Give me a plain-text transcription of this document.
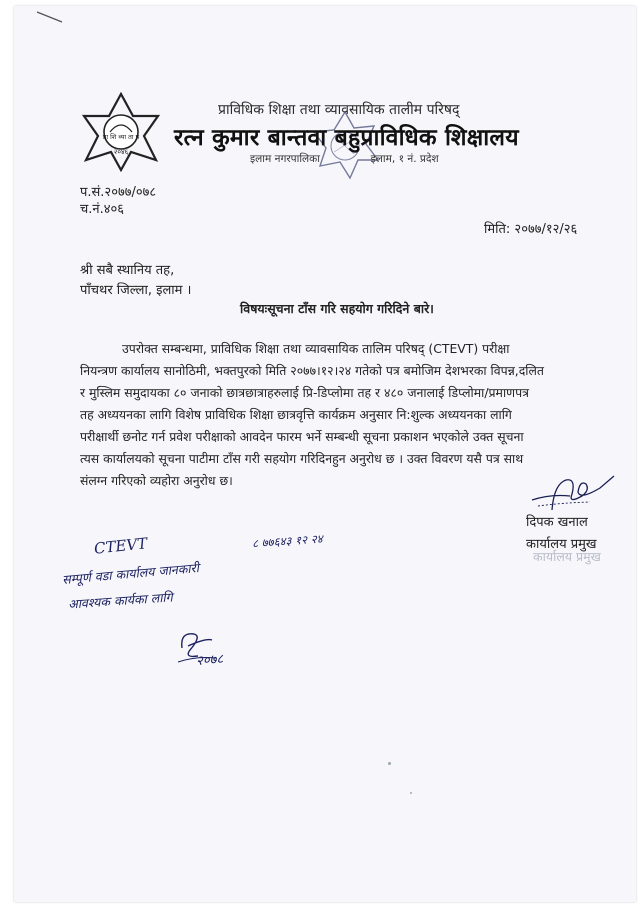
प्रा शि व्या ता प
२०४६
प्राविधिक शिक्षा तथा व्यावसायिक तालीम परिषद्
रत्न कुमार बान्तवा बहुप्राविधिक शिक्षालय
इलाम नगरपालिका	इलाम, १ नं. प्रदेश
प.सं.२०७७/०७८
च.नं.४०६
मिति: २०७७/१२/२६
श्री सबै स्थानिय तह,
पाँचथर जिल्ला, इलाम ।
विषयःसूचना टाँस गरि सहयोग गरिदिने बारे।
उपरोक्त सम्बन्धमा, प्राविधिक शिक्षा तथा व्यावसायिक तालिम परिषद् (CTEVT) परीक्षा
नियन्त्रण कार्यालय सानोठिमी, भक्तपुरको मिति २०७७।१२।२४ गतेको पत्र बमोजिम देशभरका विपन्न,दलित
र मुस्लिम समुदायका ८० जनाको छात्रछात्राहरुलाई प्रि-डिप्लोमा तह र ४८० जनालाई डिप्लोमा/प्रमाणपत्र
तह अध्ययनका लागि विशेष प्राविधिक शिक्षा छात्रवृत्ति कार्यक्रम अनुसार नि:शुल्क अध्ययनका लागि
परीक्षार्थी छनोट गर्न प्रवेश परीक्षाको आवदेन फारम भर्ने सम्बन्धी सूचना प्रकाशन भएकोले उक्त सूचना
त्यस कार्यालयको सूचना पाटीमा टाँस गरी सहयोग गरिदिनहुन अनुरोध छ । उक्त विवरण यसै पत्र साथ
संलग्न गरिएको व्यहोरा अनुरोध छ।
दिपक खनाल
कार्यालय प्रमुख
कार्यालय प्रमुख
CTEVT	८ ७७६४३ १२ २४
सम्पूर्ण वडा कार्यालय जानकारी
आवश्यक कार्यका लागि
२०७८
